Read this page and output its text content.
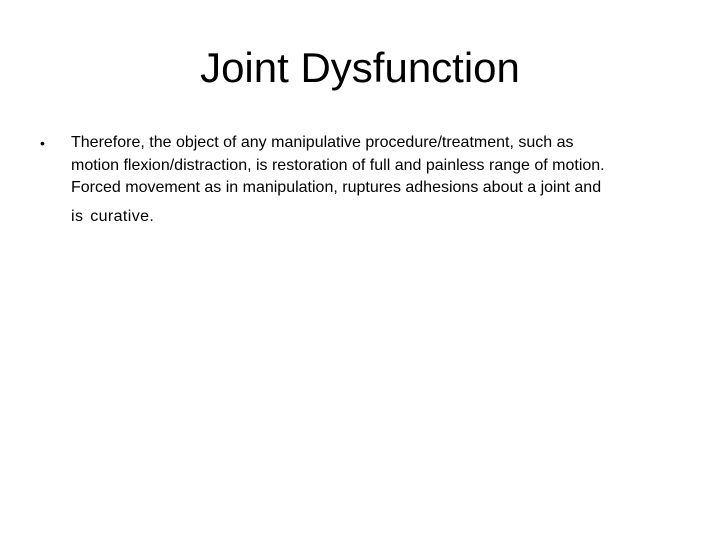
Joint Dysfunction
• Therefore, the object of any manipulative procedure/treatment, such as
motion flexion/distraction, is restoration of full and painless range of motion.
Forced movement as in manipulation, ruptures adhesions about a joint and
is curative.
